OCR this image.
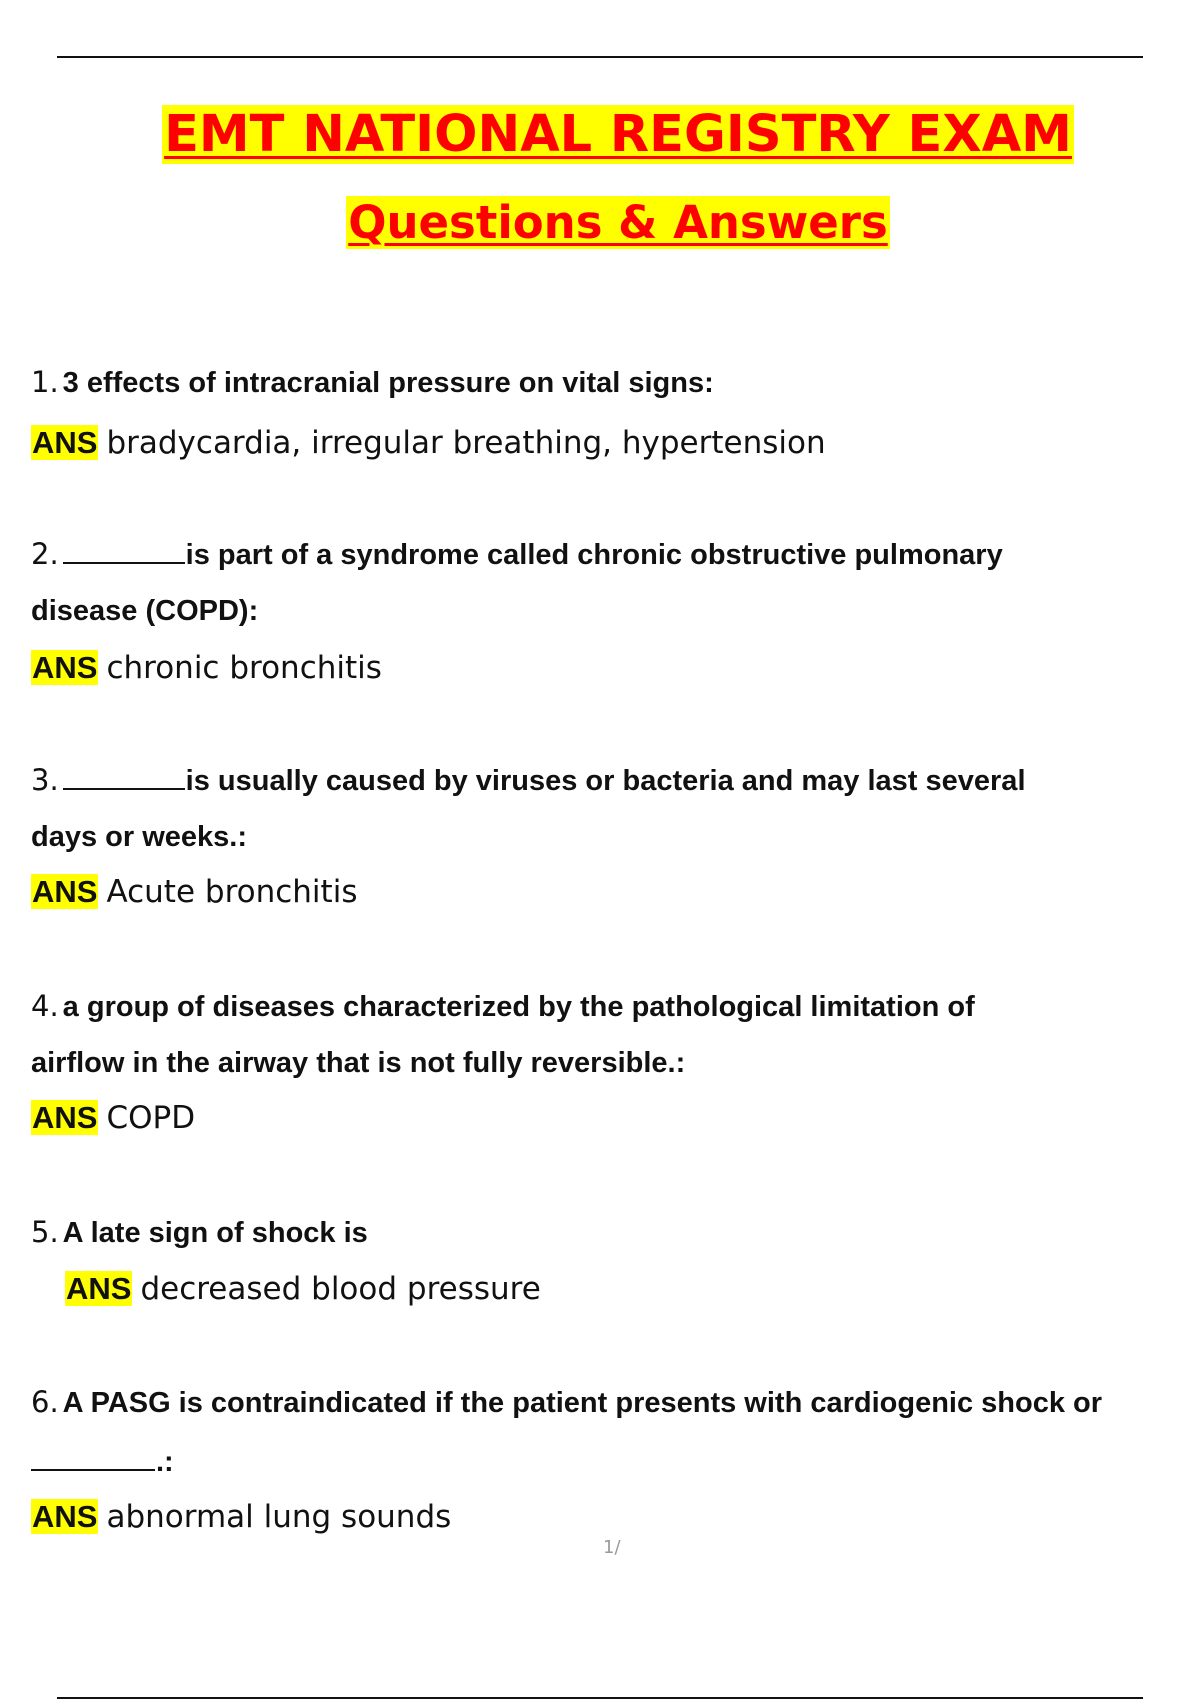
EMT NATIONAL REGISTRY EXAM
Questions & Answers
1. 3 effects of intracranial pressure on vital signs:
ANS bradycardia, irregular breathing, hypertension
2.	is part of a syndrome called chronic obstructive pulmonary
disease (COPD):
ANS chronic bronchitis
3.	is usually caused by viruses or bacteria and may last several
days or weeks.:
ANS Acute bronchitis
4. a group of diseases characterized by the pathological limitation of
airflow in the airway that is not fully reversible.:
ANS COPD
5. A late sign of shock is
ANS decreased blood pressure
6. A PASG is contraindicated if the patient presents with cardiogenic shock or
.:
ANS abnormal lung sounds
1/
